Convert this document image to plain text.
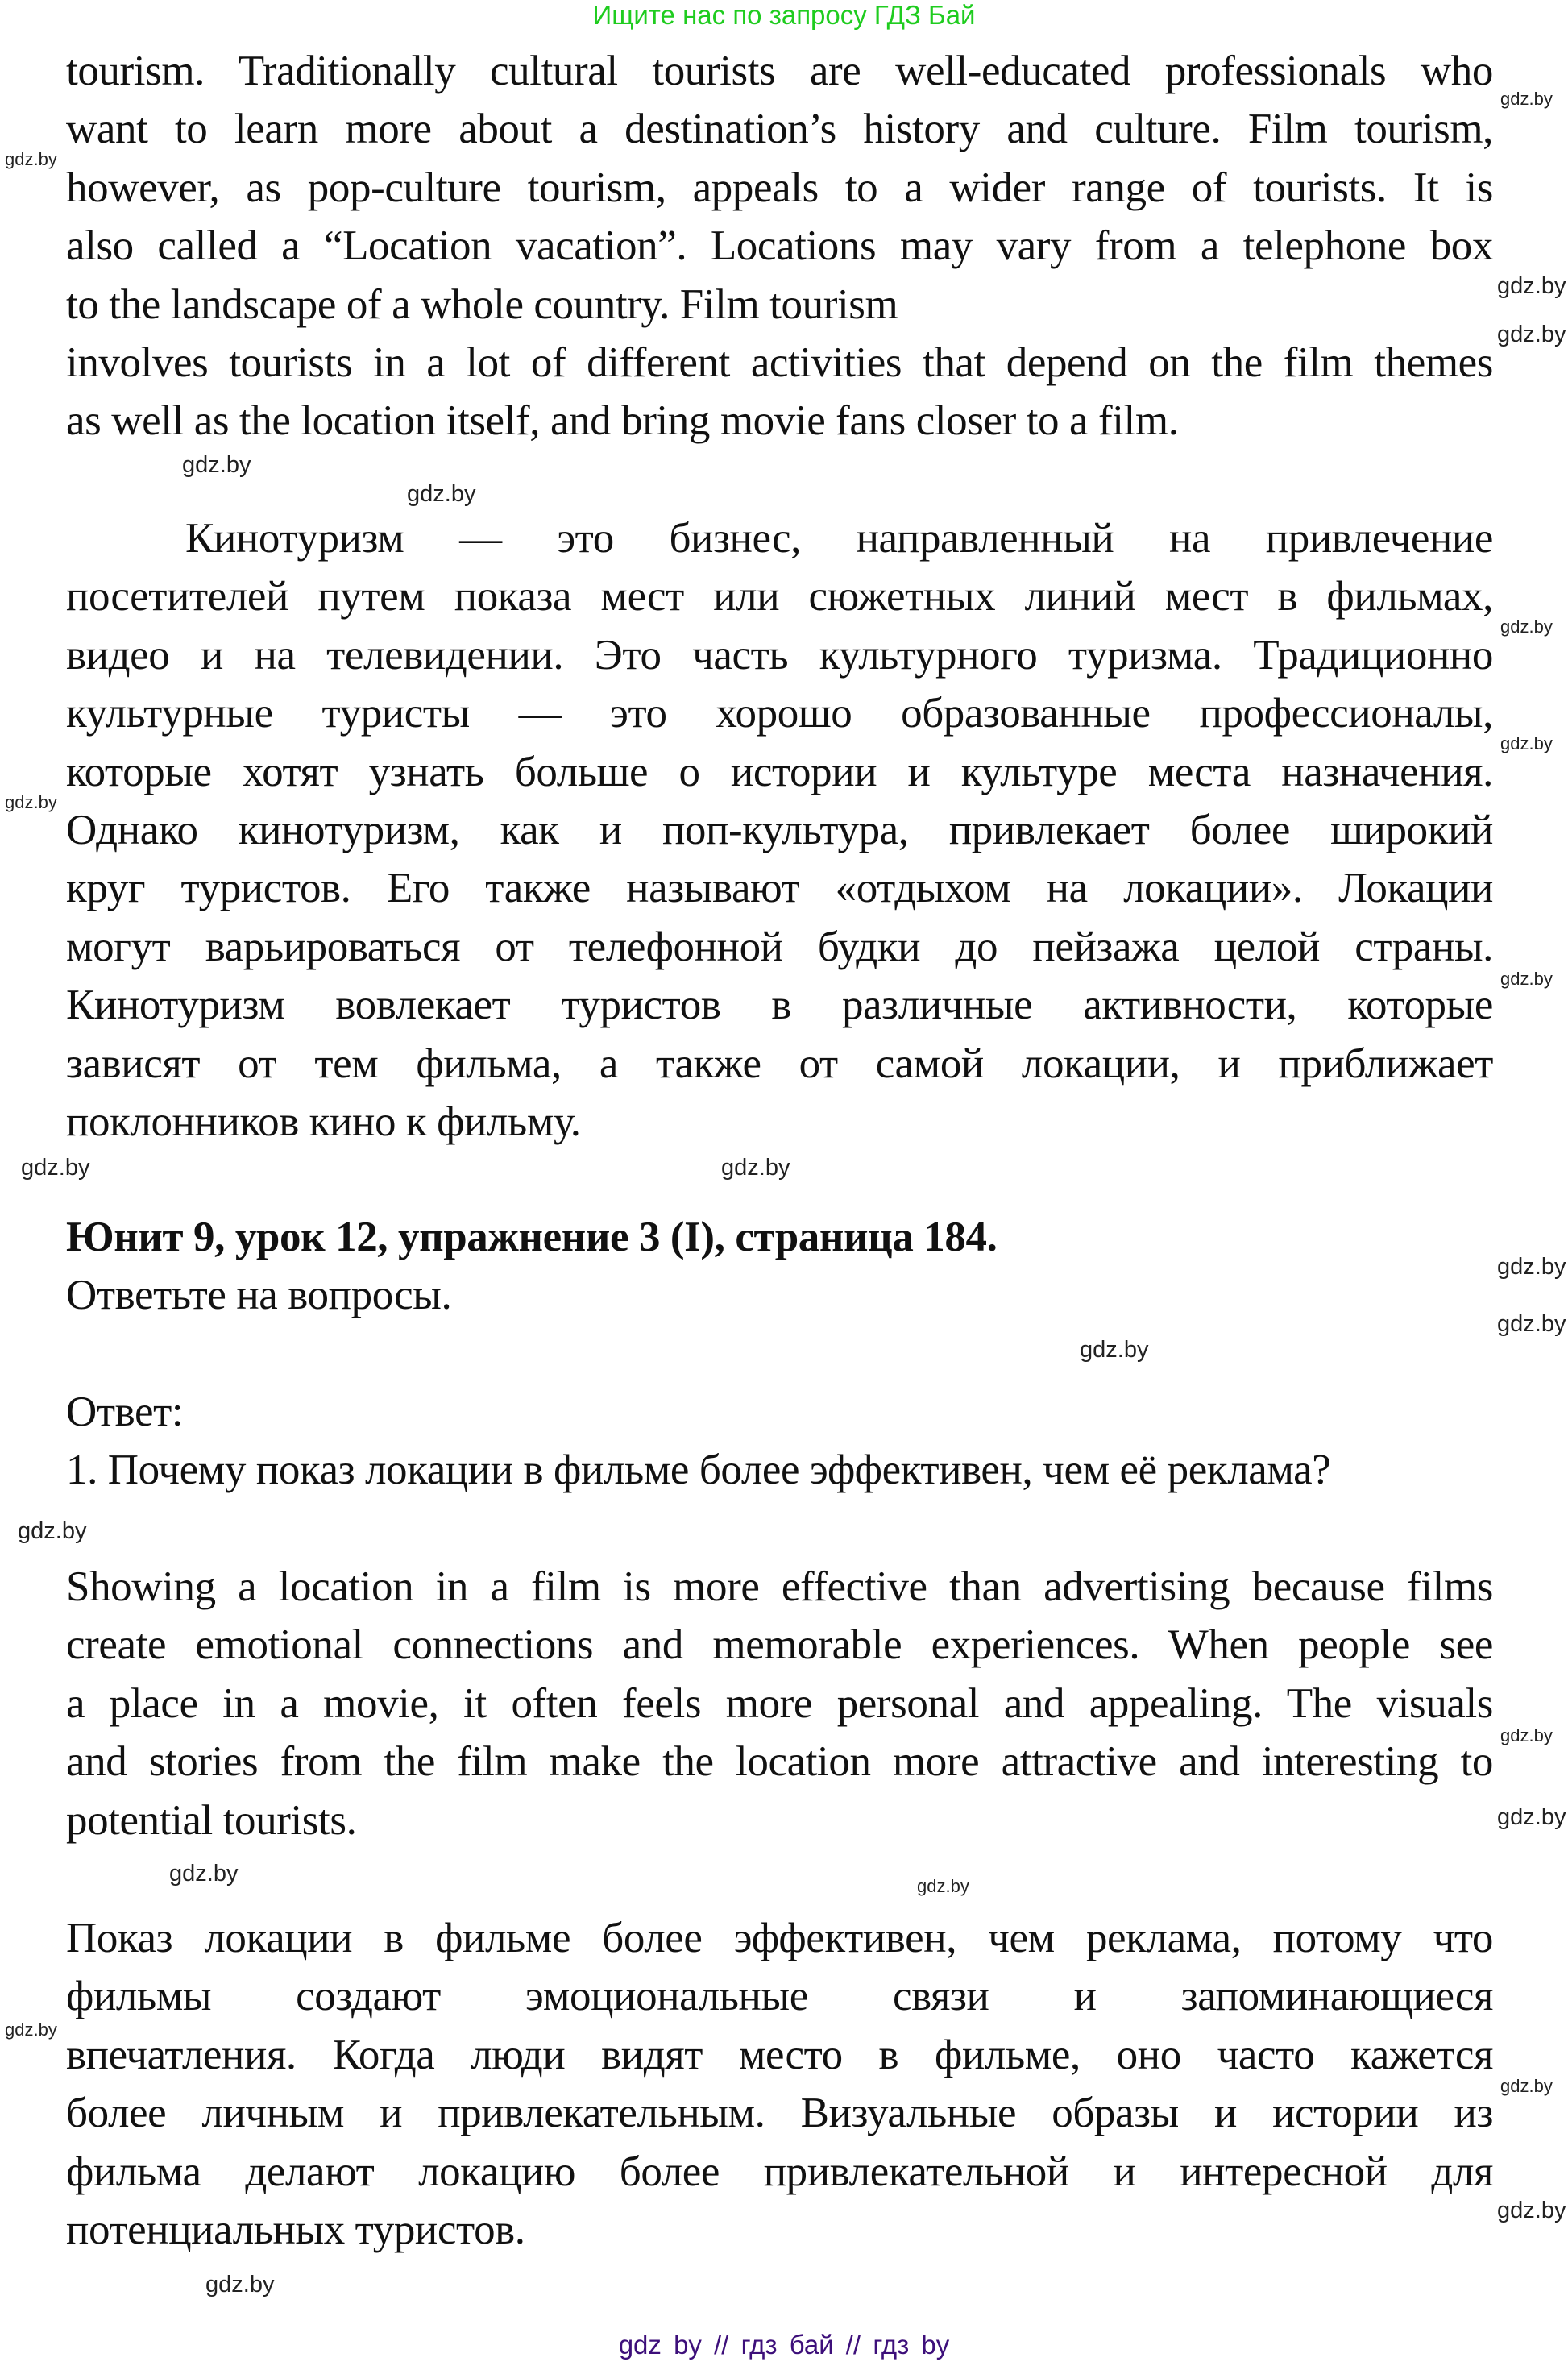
Ищите нас по запросу ГДЗ Бай
tourism. Traditionally cultural tourists are well-educated professionals who
want to learn more about a destination’s history and culture. Film tourism,
however, as pop-culture tourism, appeals to a wider range of tourists. It is
also called a “Location vacation”. Locations may vary from a telephone box
to the landscape of a whole country. Film tourism
involves tourists in a lot of different activities that depend on the film themes
as well as the location itself, and bring movie fans closer to a film.
Кинотуризм — это бизнес, направленный на привлечение
посетителей путем показа мест или сюжетных линий мест в фильмах,
видео и на телевидении. Это часть культурного туризма. Традиционно
культурные туристы — это хорошо образованные профессионалы,
которые хотят узнать больше о истории и культуре места назначения.
Однако кинотуризм, как и поп-культура, привлекает более широкий
круг туристов. Его также называют «отдыхом на локации». Локации
могут варьироваться от телефонной будки до пейзажа целой страны.
Кинотуризм вовлекает туристов в различные активности, которые
зависят от тем фильма, а также от самой локации, и приближает
поклонников кино к фильму.
Юнит 9, урок 12, упражнение 3 (I), страница 184.
Ответьте на вопросы.
Ответ:
1. Почему показ локации в фильме более эффективен, чем её реклама?
Showing a location in a film is more effective than advertising because films
create emotional connections and memorable experiences. When people see
a place in a movie, it often feels more personal and appealing. The visuals
and stories from the film make the location more attractive and interesting to
potential tourists.
Показ локации в фильме более эффективен, чем реклама, потому что
фильмы создают эмоциональные связи и запоминающиеся
впечатления. Когда люди видят место в фильме, оно часто кажется
более личным и привлекательным. Визуальные образы и истории из
фильма делают локацию более привлекательной и интересной для
потенциальных туристов.
gdz.by
gdz.by
gdz.by
gdz.by
gdz.by
gdz.by
gdz.by
gdz.by
gdz.by
gdz.by
gdz.by
gdz.by
gdz.by
gdz.by
gdz.by
gdz.by
gdz.by
gdz.by
gdz.by	gdz.by
gdz.by
gdz.by
gdz.by
gdz.by
gdz by // гдз бай // гдз by
